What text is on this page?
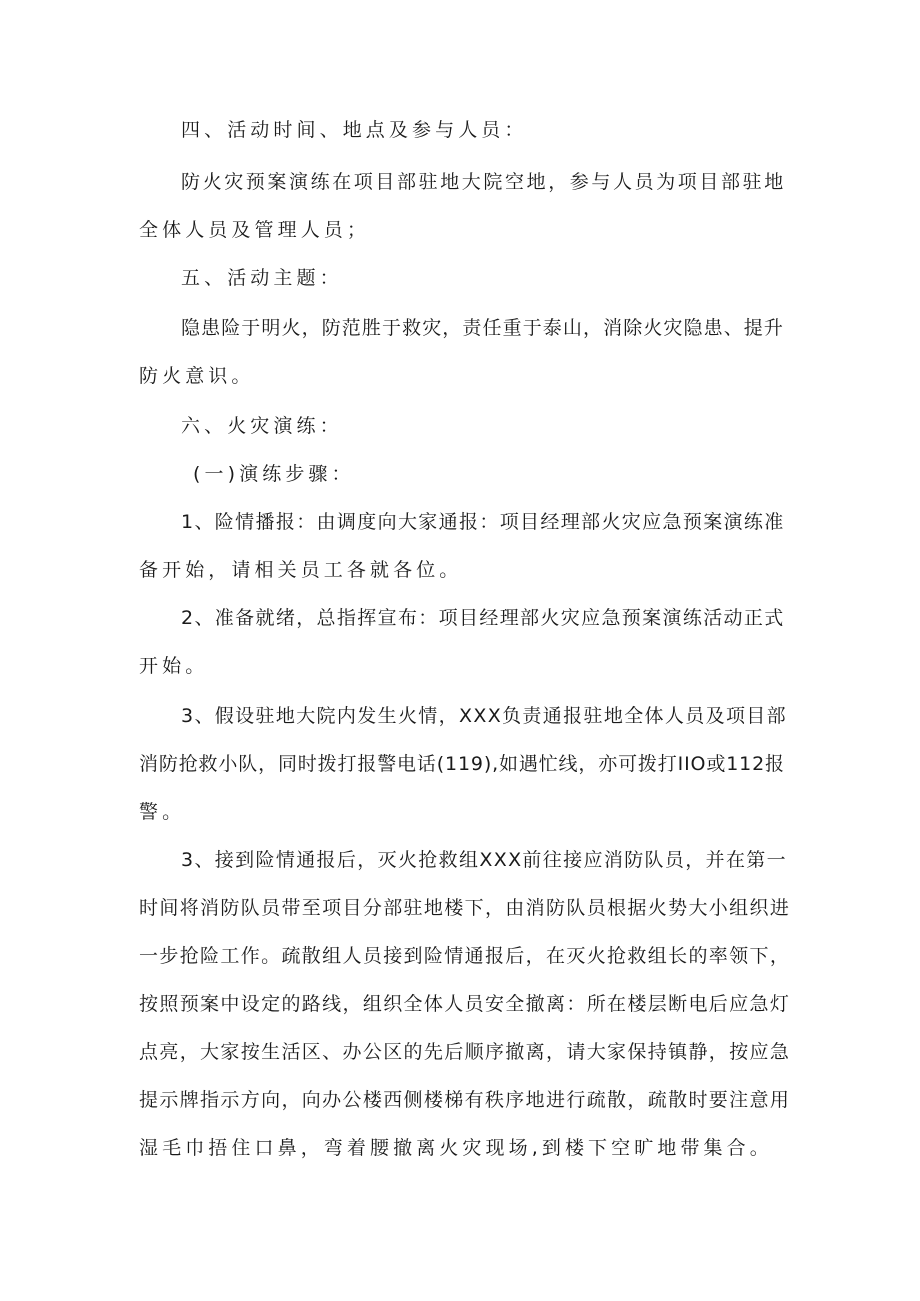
四、活动时间、地点及参与人员：
防火灾预案演练在项目部驻地大院空地，参与人员为项目部驻地
全体人员及管理人员；
五、活动主题：
隐患险于明火，防范胜于救灾，责任重于泰山，消除火灾隐患、提升
防火意识。
六、火灾演练：
(一)演练步骤：
1、险情播报：由调度向大家通报：项目经理部火灾应急预案演练准
备开始，请相关员工各就各位。
2、准备就绪，总指挥宣布：项目经理部火灾应急预案演练活动正式
开始。
3、假设驻地大院内发生火情，XXX负责通报驻地全体人员及项目部
消防抢救小队，同时拨打报警电话(119),如遇忙线，亦可拨打IIO或112报
警。
3、接到险情通报后，灭火抢救组XXX前往接应消防队员，并在第一
时间将消防队员带至项目分部驻地楼下，由消防队员根据火势大小组织进
一步抢险工作。疏散组人员接到险情通报后，在灭火抢救组长的率领下，
按照预案中设定的路线，组织全体人员安全撤离：所在楼层断电后应急灯
点亮，大家按生活区、办公区的先后顺序撤离，请大家保持镇静，按应急
提示牌指示方向，向办公楼西侧楼梯有秩序地进行疏散，疏散时要注意用
湿毛巾捂住口鼻，弯着腰撤离火灾现场,到楼下空旷地带集合。
